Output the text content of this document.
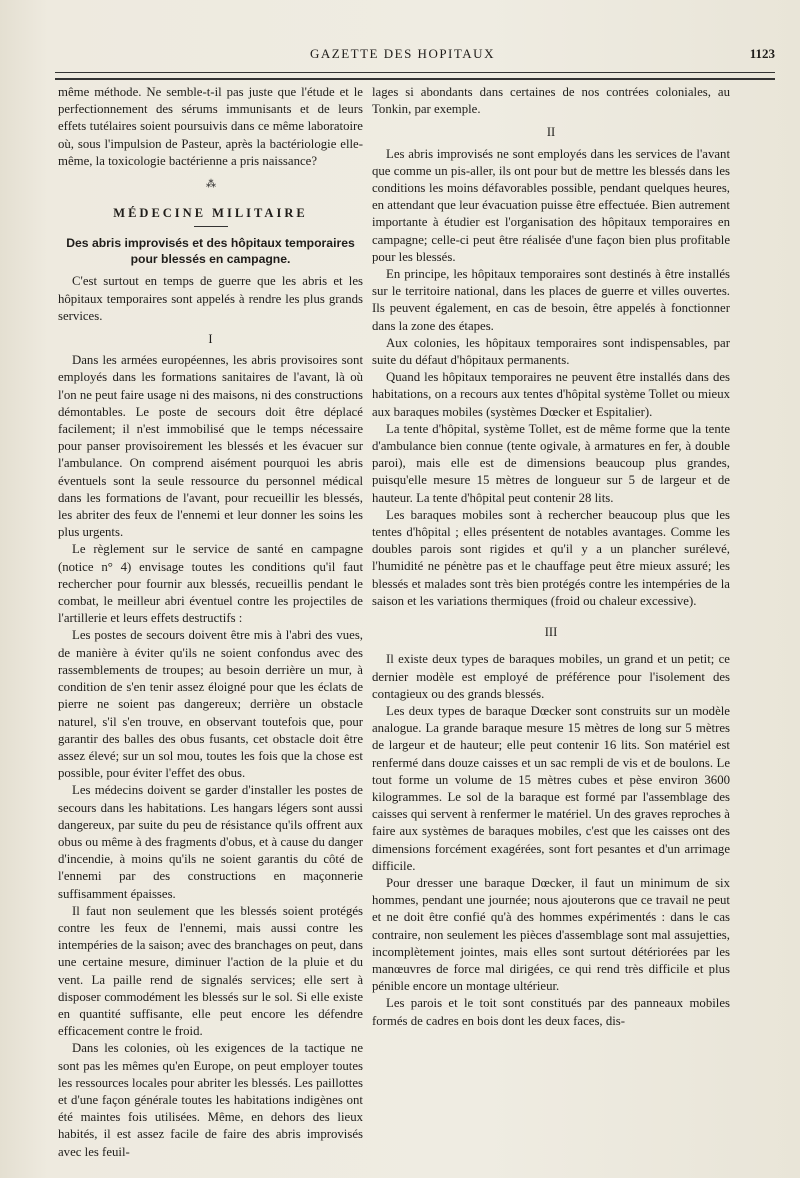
GAZETTE DES HOPITAUX	1123

même méthode. Ne semble-t-il pas juste que l'étude et le perfectionnement des sérums immunisants et de leurs effets tutélaires soient poursuivis dans ce même laboratoire où, sous l'impulsion de Pasteur, après la bactériologie elle-même, la toxicologie bactérienne a pris naissance?

⁂
MÉDECINE MILITAIRE
Des abris improvisés et des hôpitaux temporaires pour blessés en campagne.

C'est surtout en temps de guerre que les abris et les hôpitaux temporaires sont appelés à rendre les plus grands services.

I

Dans les armées européennes, les abris provisoires sont employés dans les formations sanitaires de l'avant, là où l'on ne peut faire usage ni des maisons, ni des constructions démontables. Le poste de secours doit être déplacé facilement; il n'est immobilisé que le temps nécessaire pour panser provisoirement les blessés et les évacuer sur l'ambulance. On comprend aisément pourquoi les abris éventuels sont la seule ressource du personnel médical dans les formations de l'avant, pour recueillir les blessés, les abriter des feux de l'ennemi et leur donner les soins les plus urgents.

Le règlement sur le service de santé en campagne (notice n° 4) envisage toutes les conditions qu'il faut rechercher pour fournir aux blessés, recueillis pendant le combat, le meilleur abri éventuel contre les projectiles de l'artillerie et leurs effets destructifs :

Les postes de secours doivent être mis à l'abri des vues, de manière à éviter qu'ils ne soient confondus avec des rassemblements de troupes; au besoin derrière un mur, à condition de s'en tenir assez éloigné pour que les éclats de pierre ne soient pas dangereux; derrière un obstacle naturel, s'il s'en trouve, en observant toutefois que, pour garantir des balles des obus fusants, cet obstacle doit être assez élevé; sur un sol mou, toutes les fois que la chose est possible, pour éviter l'effet des obus.

Les médecins doivent se garder d'installer les postes de secours dans les habitations. Les hangars légers sont aussi dangereux, par suite du peu de résistance qu'ils offrent aux obus ou même à des fragments d'obus, et à cause du danger d'incendie, à moins qu'ils ne soient garantis du côté de l'ennemi par des constructions en maçonnerie suffisamment épaisses.

Il faut non seulement que les blessés soient protégés contre les feux de l'ennemi, mais aussi contre les intempéries de la saison; avec des branchages on peut, dans une certaine mesure, diminuer l'action de la pluie et du vent. La paille rend de signalés services; elle sert à disposer commodément les blessés sur le sol. Si elle existe en quantité suffisante, elle peut encore les défendre efficacement contre le froid.

Dans les colonies, où les exigences de la tactique ne sont pas les mêmes qu'en Europe, on peut employer toutes les ressources locales pour abriter les blessés. Les paillottes et d'une façon générale toutes les habitations indigènes ont été maintes fois utilisées. Même, en dehors des lieux habités, il est assez facile de faire des abris improvisés avec les feuil-

lages si abondants dans certaines de nos contrées coloniales, au Tonkin, par exemple.

II

Les abris improvisés ne sont employés dans les services de l'avant que comme un pis-aller, ils ont pour but de mettre les blessés dans les conditions les moins défavorables possible, pendant quelques heures, en attendant que leur évacuation puisse être effectuée. Bien autrement importante à étudier est l'organisation des hôpitaux temporaires en campagne; celle-ci peut être réalisée d'une façon bien plus profitable pour les blessés.

En principe, les hôpitaux temporaires sont destinés à être installés sur le territoire national, dans les places de guerre et villes ouvertes. Ils peuvent également, en cas de besoin, être appelés à fonctionner dans la zone des étapes.

Aux colonies, les hôpitaux temporaires sont indispensables, par suite du défaut d'hôpitaux permanents.

Quand les hôpitaux temporaires ne peuvent être installés dans des habitations, on a recours aux tentes d'hôpital système Tollet ou mieux aux baraques mobiles (systèmes Dœcker et Espitalier).

La tente d'hôpital, système Tollet, est de même forme que la tente d'ambulance bien connue (tente ogivale, à armatures en fer, à double paroi), mais elle est de dimensions beaucoup plus grandes, puisqu'elle mesure 15 mètres de longueur sur 5 de largeur et de hauteur. La tente d'hôpital peut contenir 28 lits.

Les baraques mobiles sont à rechercher beaucoup plus que les tentes d'hôpital ; elles présentent de notables avantages. Comme les doubles parois sont rigides et qu'il y a un plancher surélevé, l'humidité ne pénètre pas et le chauffage peut être mieux assuré; les blessés et malades sont très bien protégés contre les intempéries de la saison et les variations thermiques (froid ou chaleur excessive).

III

Il existe deux types de baraques mobiles, un grand et un petit; ce dernier modèle est employé de préférence pour l'isolement des contagieux ou des grands blessés.

Les deux types de baraque Dœcker sont construits sur un modèle analogue. La grande baraque mesure 15 mètres de long sur 5 mètres de largeur et de hauteur; elle peut contenir 16 lits. Son matériel est renfermé dans douze caisses et un sac rempli de vis et de boulons. Le tout forme un volume de 15 mètres cubes et pèse environ 3600 kilogrammes. Le sol de la baraque est formé par l'assemblage des caisses qui servent à renfermer le matériel. Un des graves reproches à faire aux systèmes de baraques mobiles, c'est que les caisses ont des dimensions forcément exagérées, sont fort pesantes et d'un arrimage difficile.

Pour dresser une baraque Dœcker, il faut un minimum de six hommes, pendant une journée; nous ajouterons que ce travail ne peut et ne doit être confié qu'à des hommes expérimentés : dans le cas contraire, non seulement les pièces d'assemblage sont mal assujetties, incomplètement jointes, mais elles sont surtout détériorées par les manœuvres de force mal dirigées, ce qui rend très difficile et plus pénible encore un montage ultérieur.

Les parois et le toit sont constitués par des panneaux mobiles formés de cadres en bois dont les deux faces, dis-
